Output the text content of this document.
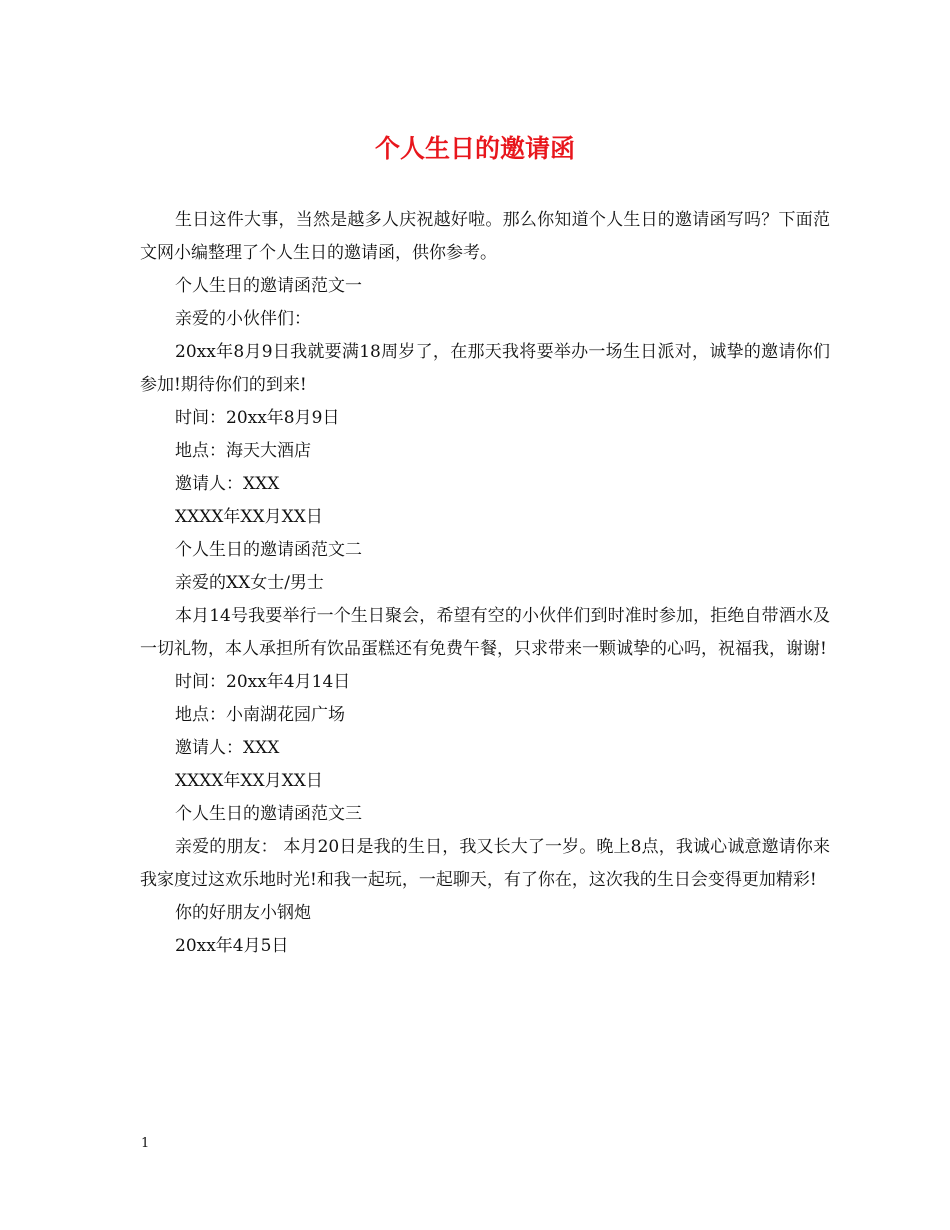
个人生日的邀请函

生日这件大事，当然是越多人庆祝越好啦。那么你知道个人生日的邀请函写吗？下面范文网小编整理了个人生日的邀请函，供你参考。

个人生日的邀请函范文一

亲爱的小伙伴们：

20xx年8月9日我就要满18周岁了，在那天我将要举办一场生日派对，诚挚的邀请你们参加!期待你们的到来!

时间：20xx年8月9日

地点：海天大酒店

邀请人：XXX

XXXX年XX月XX日

个人生日的邀请函范文二

亲爱的XX女士/男士

本月14号我要举行一个生日聚会，希望有空的小伙伴们到时准时参加，拒绝自带酒水及一切礼物，本人承担所有饮品蛋糕还有免费午餐，只求带来一颗诚挚的心吗，祝福我，谢谢!

时间：20xx年4月14日

地点：小南湖花园广场

邀请人：XXX

XXXX年XX月XX日

个人生日的邀请函范文三

亲爱的朋友： 本月20日是我的生日，我又长大了一岁。晚上8点，我诚心诚意邀请你来我家度过这欢乐地时光!和我一起玩，一起聊天，有了你在，这次我的生日会变得更加精彩!

你的好朋友小钢炮

20xx年4月5日

1
